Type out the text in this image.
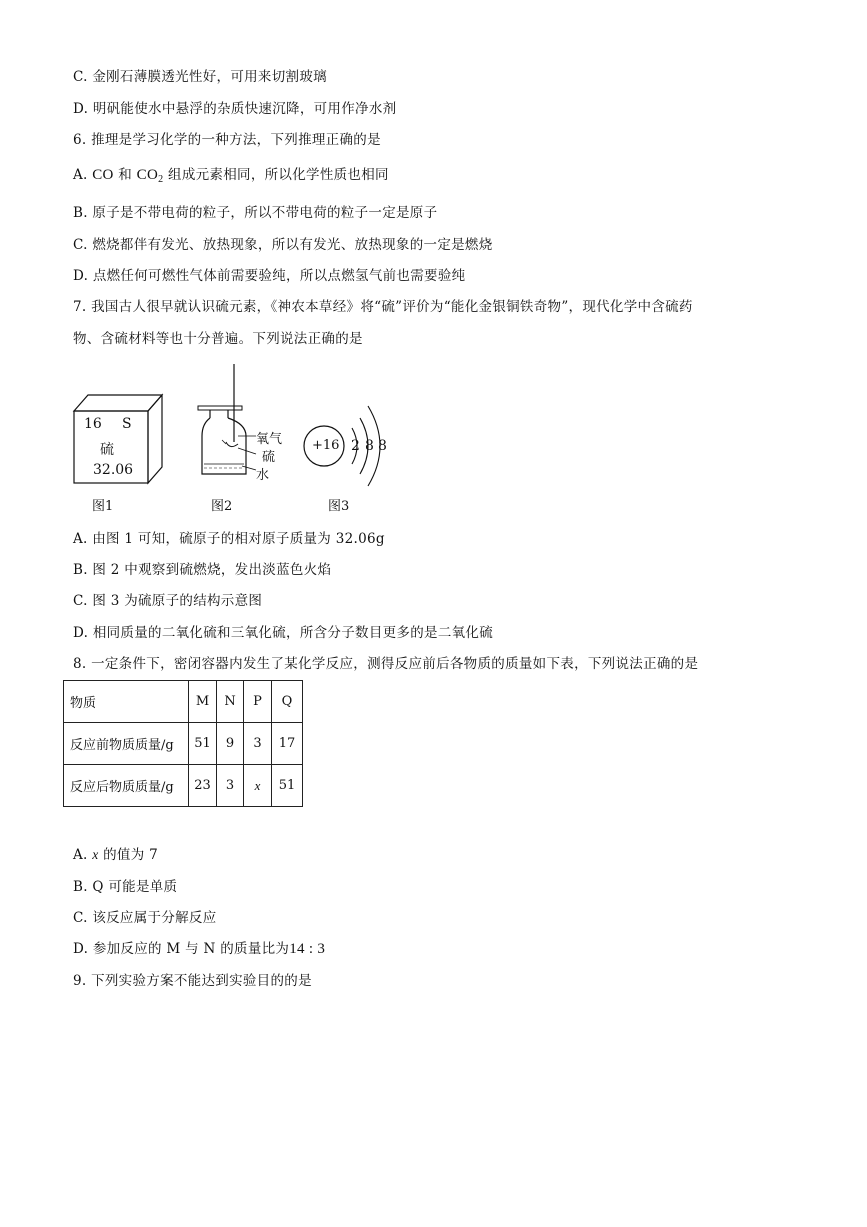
C. 金刚石薄膜透光性好，可用来切割玻璃
D. 明矾能使水中悬浮的杂质快速沉降，可用作净水剂
6. 推理是学习化学的一种方法，下列推理正确的是
A. CO 和 $CO_2$ 组成元素相同，所以化学性质也相同
B. 原子是不带电荷的粒子，所以不带电荷的粒子一定是原子
C. 燃烧都伴有发光、放热现象，所以有发光、放热现象的一定是燃烧
D. 点燃任何可燃性气体前需要验纯，所以点燃氢气前也需要验纯
7. 我国古人很早就认识硫元素，《神农本草经》将“硫”评价为“能化金银铜铁奇物”，现代化学中含硫药
物、含硫材料等也十分普遍。下列说法正确的是
16 S
硫
32.06
图1
氧气
硫
水
图2
+16 2 8 8
图3
A. 由图 1 可知，硫原子的相对原子质量为 32.06g
B. 图 2 中观察到硫燃烧，发出淡蓝色火焰
C. 图 3 为硫原子的结构示意图
D. 相同质量的二氧化硫和三氧化硫，所含分子数目更多的是二氧化硫
8. 一定条件下，密闭容器内发生了某化学反应，测得反应前后各物质的质量如下表，下列说法正确的是
物质	M	N	P	Q
反应前物质质量/g	51	9	3	17
反应后物质质量/g	23	3	x	51
A. x 的值为 7
B. Q 可能是单质
C. 该反应属于分解反应
D. 参加反应的 M 与 N 的质量比为14 : 3
9. 下列实验方案不能达到实验目的的是
